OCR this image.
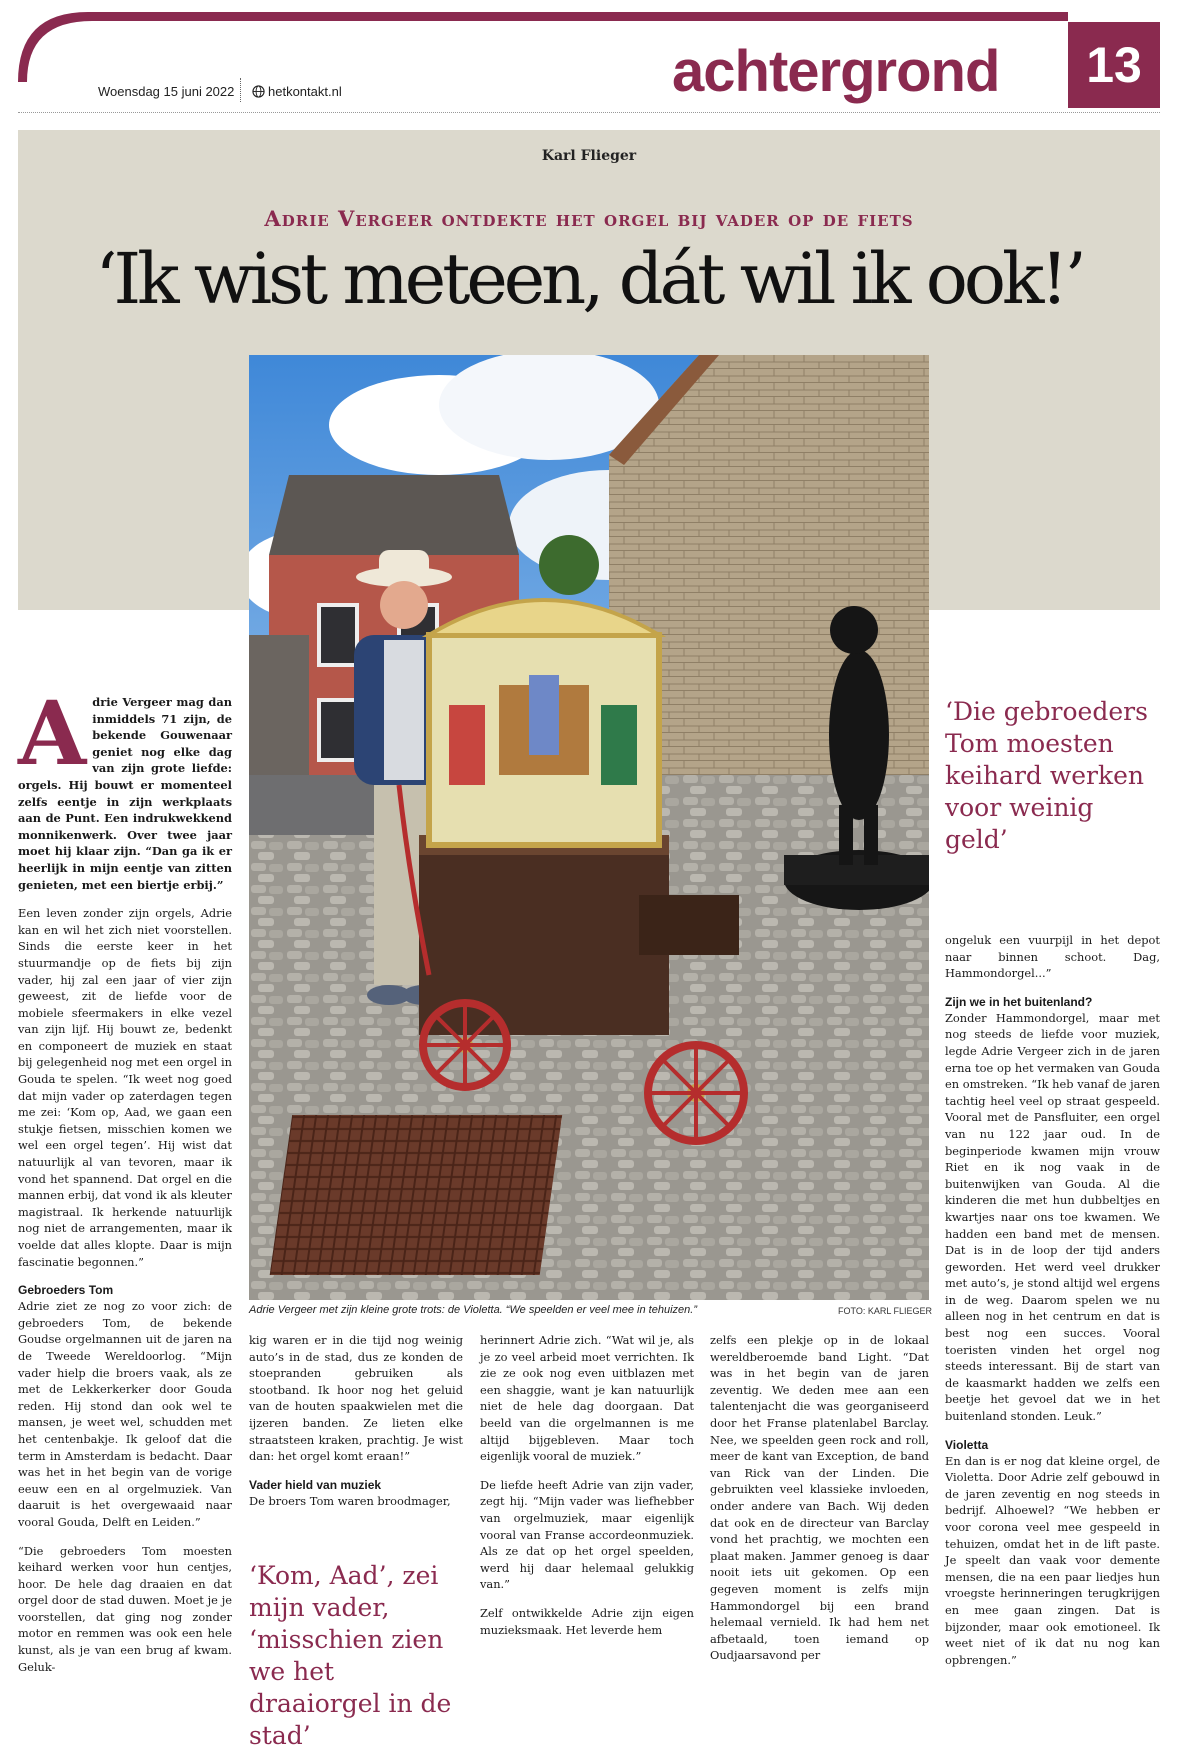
Woensdag 15 juni 2022	hetkontakt.nl	achtergrond	13
Karl Flieger
Adrie Vergeer ontdekte het orgel bij vader op de fiets
‘Ik wist meteen, dát wil ik ook!’
Adrie Vergeer met zijn kleine grote trots: de Violetta. “We speelden er veel mee in tehuizen.”	FOTO: KARL FLIEGER

Adrie Vergeer mag dan inmiddels 71 zijn, de bekende Gouwenaar geniet nog elke dag van zijn grote liefde: orgels. Hij bouwt er momenteel zelfs eentje in zijn werkplaats aan de Punt. Een indrukwekkend monnikenwerk. Over twee jaar moet hij klaar zijn. “Dan ga ik er heerlijk in mijn eentje van zitten genieten, met een biertje erbij.”

Een leven zonder zijn orgels, Adrie kan en wil het zich niet voorstellen. Sinds die eerste keer in het stuurmandje op de fiets bij zijn vader, hij zal een jaar of vier zijn geweest, zit de liefde voor de mobiele sfeermakers in elke vezel van zijn lijf. Hij bouwt ze, bedenkt en componeert de muziek en staat bij gelegenheid nog met een orgel in Gouda te spelen. “Ik weet nog goed dat mijn vader op zaterdagen tegen me zei: ‘Kom op, Aad, we gaan een stukje fietsen, misschien komen we wel een orgel tegen’. Hij wist dat natuurlijk al van tevoren, maar ik vond het spannend. Dat orgel en die mannen erbij, dat vond ik als kleuter magistraal. Ik herkende natuurlijk nog niet de arrangementen, maar ik voelde dat alles klopte. Daar is mijn fascinatie begonnen.”

Gebroeders Tom

Adrie ziet ze nog zo voor zich: de gebroeders Tom, de bekende Goudse orgelmannen uit de jaren na de Tweede Wereldoorlog. “Mijn vader hielp die broers vaak, als ze met de Lekkerkerker door Gouda reden. Hij stond dan ook wel te mansen, je weet wel, schudden met het centenbakje. Ik geloof dat die term in Amsterdam is bedacht. Daar was het in het begin van de vorige eeuw een en al orgelmuziek. Van daaruit is het overgewaaid naar vooral Gouda, Delft en Leiden.”

“Die gebroeders Tom moesten keihard werken voor hun centjes, hoor. De hele dag draaien en dat orgel door de stad duwen. Moet je je voorstellen, dat ging nog zonder motor en remmen was ook een hele kunst, als je van een brug af kwam. Geluk-

kig waren er in die tijd nog weinig auto’s in de stad, dus ze konden de stoepranden gebruiken als stootband. Ik hoor nog het geluid van de houten spaakwielen met die ijzeren banden. Ze lieten elke straatsteen kraken, prachtig. Je wist dan: het orgel komt eraan!”

Vader hield van muziek

De broers Tom waren broodmager,

‘Kom, Aad’, zei mijn vader, ‘misschien zien we het draaiorgel in de stad’

herinnert Adrie zich. “Wat wil je, als je zo veel arbeid moet verrichten. Ik zie ze ook nog even uitblazen met een shaggie, want je kan natuurlijk niet de hele dag doorgaan. Dat beeld van die orgelmannen is me altijd bijgebleven. Maar toch eigenlijk vooral de muziek.”

De liefde heeft Adrie van zijn vader, zegt hij. “Mijn vader was liefhebber van orgelmuziek, maar eigenlijk vooral van Franse accordeonmuziek. Als ze dat op het orgel speelden, werd hij daar helemaal gelukkig van.”

Zelf ontwikkelde Adrie zijn eigen muzieksmaak. Het leverde hem

zelfs een plekje op in de lokaal wereldberoemde band Light. “Dat was in het begin van de jaren zeventig. We deden mee aan een talentenjacht die was georganiseerd door het Franse platenlabel Barclay. Nee, we speelden geen rock and roll, meer de kant van Exception, de band van Rick van der Linden. Die gebruikten veel klassieke invloeden, onder andere van Bach. Wij deden dat ook en de directeur van Barclay vond het prachtig, we mochten een plaat maken. Jammer genoeg is daar nooit iets uit gekomen. Op een gegeven moment is zelfs mijn Hammondorgel bij een brand helemaal vernield. Ik had hem net afbetaald, toen iemand op Oudjaarsavond per

‘Die gebroeders Tom moesten keihard werken voor weinig geld’

ongeluk een vuurpijl in het depot naar binnen schoot. Dag, Hammondorgel...”

Zijn we in het buitenland?

Zonder Hammondorgel, maar met nog steeds de liefde voor muziek, legde Adrie Vergeer zich in de jaren erna toe op het vermaken van Gouda en omstreken. “Ik heb vanaf de jaren tachtig heel veel op straat gespeeld. Vooral met de Pansfluiter, een orgel van nu 122 jaar oud. In de beginperiode kwamen mijn vrouw Riet en ik nog vaak in de buitenwijken van Gouda. Al die kinderen die met hun dubbeltjes en kwartjes naar ons toe kwamen. We hadden een band met de mensen. Dat is in de loop der tijd anders geworden. Het werd veel drukker met auto’s, je stond altijd wel ergens in de weg. Daarom spelen we nu alleen nog in het centrum en dat is best nog een succes. Vooral toeristen vinden het orgel nog steeds interessant. Bij de start van de kaasmarkt hadden we zelfs een beetje het gevoel dat we in het buitenland stonden. Leuk.”

Violetta

En dan is er nog dat kleine orgel, de Violetta. Door Adrie zelf gebouwd in de jaren zeventig en nog steeds in bedrijf. Alhoewel? “We hebben er voor corona veel mee gespeeld in tehuizen, omdat het in de lift paste. Je speelt dan vaak voor demente mensen, die na een paar liedjes hun vroegste herinneringen terugkrijgen en mee gaan zingen. Dat is bijzonder, maar ook emotioneel. Ik weet niet of ik dat nu nog kan opbrengen.”
